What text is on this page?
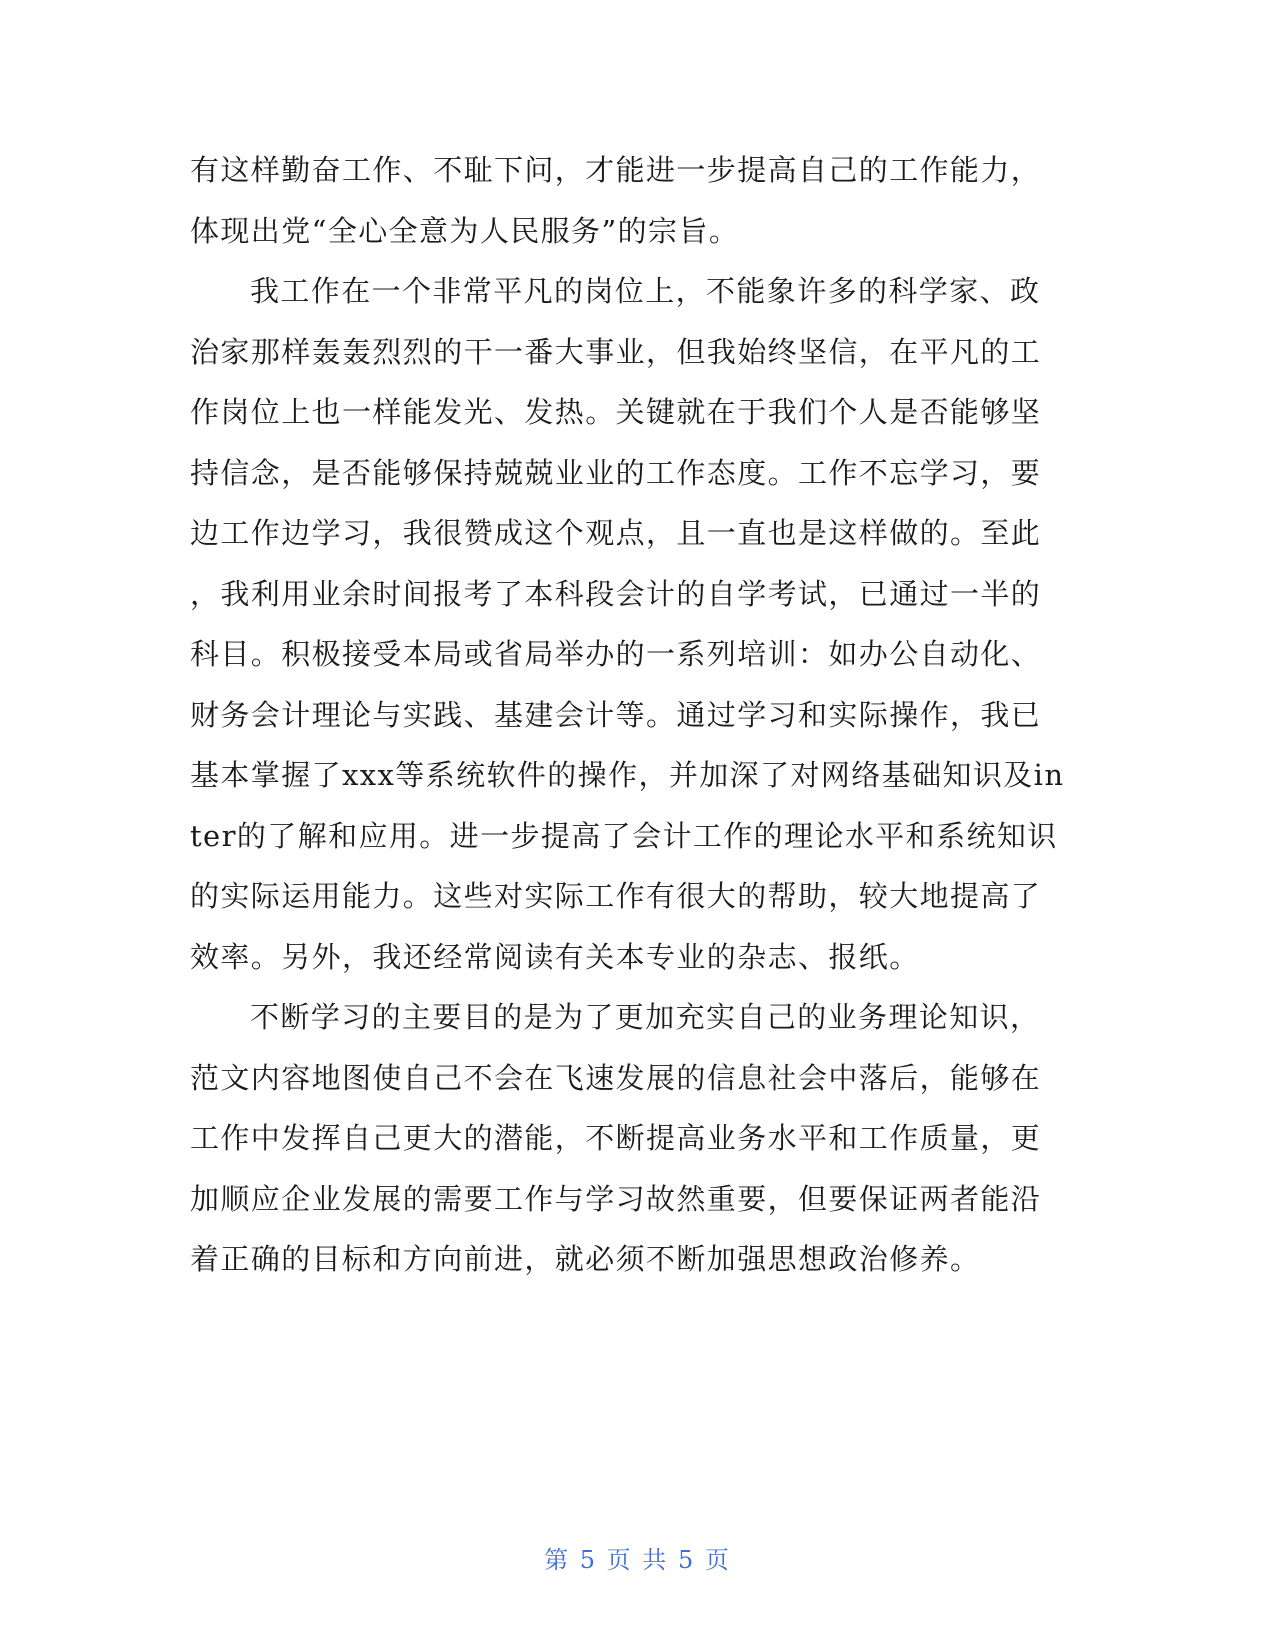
有这样勤奋工作、不耻下问，才能进一步提高自己的工作能力，
体现出党“全心全意为人民服务”的宗旨。
我工作在一个非常平凡的岗位上，不能象许多的科学家、政
治家那样轰轰烈烈的干一番大事业，但我始终坚信，在平凡的工
作岗位上也一样能发光、发热。关键就在于我们个人是否能够坚
持信念，是否能够保持兢兢业业的工作态度。工作不忘学习，要
边工作边学习，我很赞成这个观点，且一直也是这样做的。至此
，我利用业余时间报考了本科段会计的自学考试，已通过一半的
科目。积极接受本局或省局举办的一系列培训：如办公自动化、
财务会计理论与实践、基建会计等。通过学习和实际操作，我已
基本掌握了xxx等系统软件的操作，并加深了对网络基础知识及in
ter的了解和应用。进一步提高了会计工作的理论水平和系统知识
的实际运用能力。这些对实际工作有很大的帮助，较大地提高了
效率。另外，我还经常阅读有关本专业的杂志、报纸。
不断学习的主要目的是为了更加充实自己的业务理论知识，
范文内容地图使自己不会在飞速发展的信息社会中落后，能够在
工作中发挥自己更大的潜能，不断提高业务水平和工作质量，更
加顺应企业发展的需要工作与学习故然重要，但要保证两者能沿
着正确的目标和方向前进，就必须不断加强思想政治修养。
第 5 页 共 5 页
